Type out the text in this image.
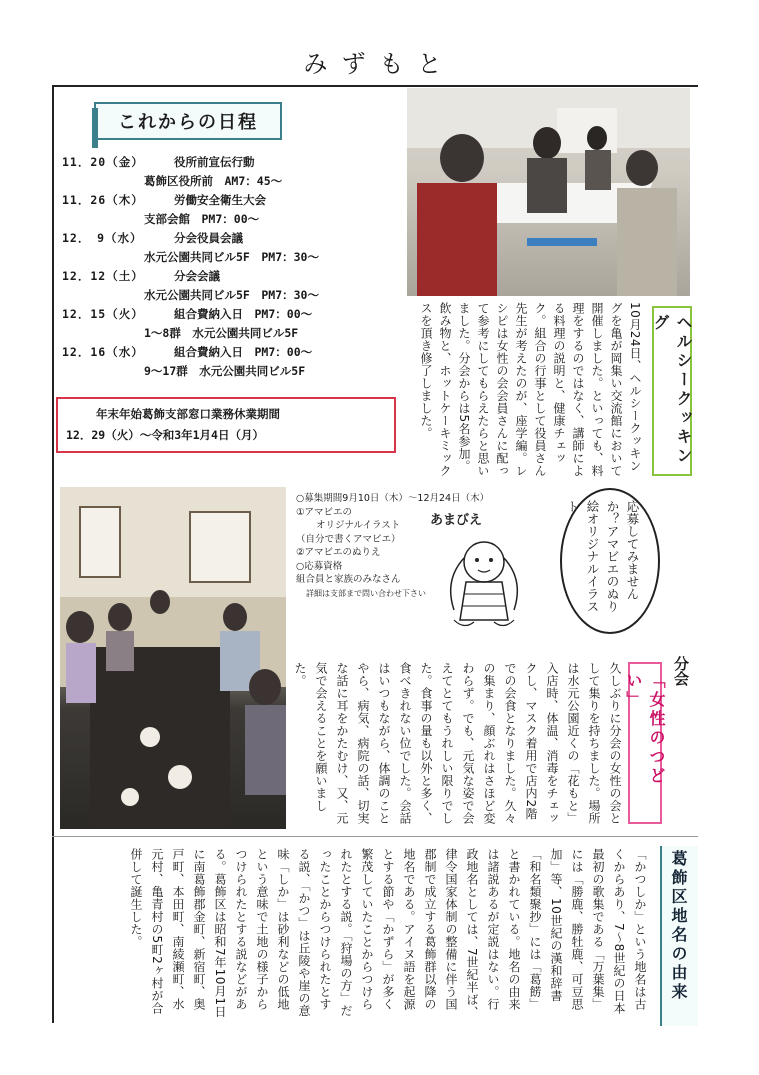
みずもと
これからの日程
11．20（金）	役所前宣伝行動
葛飾区役所前　AM7：45～
11．26（木）	労働安全衛生大会
支部会館　PM7：00～
12．　9（水）	分会役員会議
水元公園共同ビル5F　PM7：30～
12．12（土）	分会会議
水元公園共同ビル5F　PM7：30～
12．15（火）	組合費納入日　PM7：00～
1～8群　水元公園共同ビル5F
12．16（水）	組合費納入日　PM7：00～
9～17群　水元公園共同ビル5F
年末年始葛飾支部窓口業務休業期間
12．29（火）～令和3年1月4日（月）	ヘルシークッキング
10月24日、ヘルシークッキングを亀が岡集い交流館において開催しました。といっても、料理をするのではなく、講師による料理の説明と、健康チェック。組合の行事として役員さん先生が考えたのが、座学編。レシピは女性の会会員さんに配って参考にしてもらえたらと思いました。分会からは5名参加。飲み物と、ホットケーキミックスを頂き修了しました。
○募集期間9月10日（木）～12月24日（木）
①アマビエの
オリジナルイラスト
（自分で書くアマビエ）
②アマビエのぬりえ
○応募資格
組合員と家族のみなさん
詳細は支部まで問い合わせ下さい
あまびえ	応募してみませんか？アマビエのぬり絵オリジナルイラスト
分会
「女性のつどい」
久しぶりに分会の女性の会として集りを持ちました。場所は水元公園近くの「花もと」入店時、体温、消毒をチェックし、マスク着用で店内2階での会食となりました。久々の集まり、顔ぶれはさほど変わらず。でも、元気な姿で会えてとてもうれしい限りでした。食事の量も以外と多く、食べきれない位でした。会話はいつもながら、体調のことやら、病気、病院の話、切実な話に耳をかたむけ、又、元気で会えることを願いました。
葛飾区地名の由来
「かつしか」という地名は古くからあり、7～8世紀の日本最初の歌集である「万葉集」には「勝鹿、勝牡鹿、可豆思加」等、10世紀の漢和辞書「和名類聚抄」には「葛餝」と書かれている。地名の由来は諸説あるが定説はない。行政地名としては、7世紀半ば、律令国家体制の整備に伴う国郡制で成立する葛飾群以降の地名である。アイヌ語を起源とする節や「かずら」が多く繁茂していたことからつけられたとする説。「狩場の方」だったことからつけられたとする説、「かつ」は丘陵や崖の意味「しか」は砂利などの低地という意味で土地の様子からつけられたとする説などがある。葛飾区は昭和7年10月1日に南葛飾郡金町、新宿町、奥戸町、本田町、南綾瀬町、水元村、亀青村の5町2ヶ村が合併して誕生した。
